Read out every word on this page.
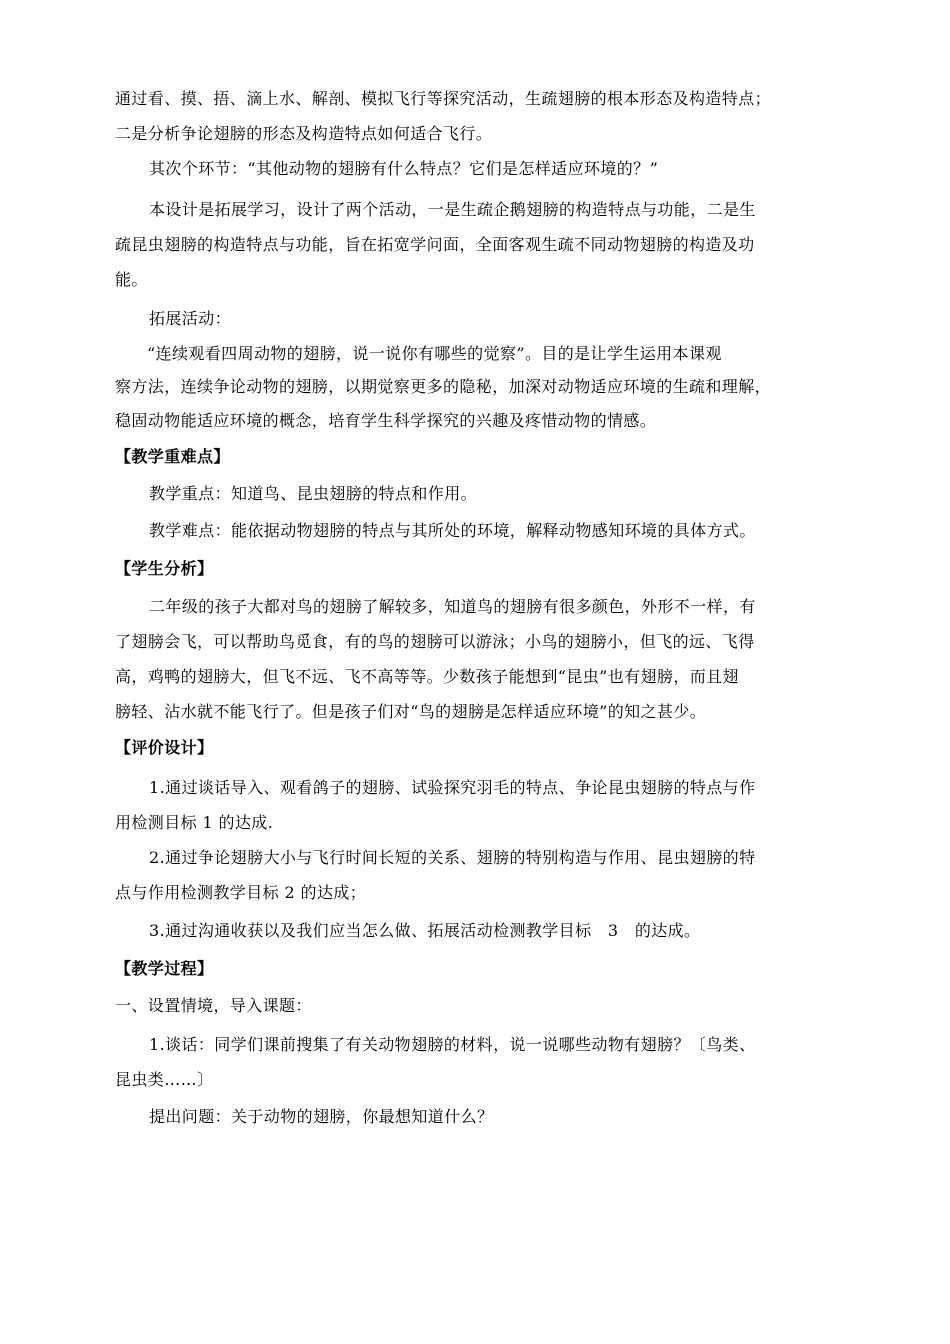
通过看、摸、捂、滴上水、解剖、模拟飞行等探究活动，生疏翅膀的根本形态及构造特点；
二是分析争论翅膀的形态及构造特点如何适合飞行。
其次个环节：“其他动物的翅膀有什么特点？它们是怎样适应环境的？”
本设计是拓展学习，设计了两个活动，一是生疏企鹅翅膀的构造特点与功能，二是生
疏昆虫翅膀的构造特点与功能，旨在拓宽学问面，全面客观生疏不同动物翅膀的构造及功
能。
拓展活动：
“连续观看四周动物的翅膀，说一说你有哪些的觉察”。目的是让学生运用本课观
察方法，连续争论动物的翅膀，以期觉察更多的隐秘，加深对动物适应环境的生疏和理解，
稳固动物能适应环境的概念，培育学生科学探究的兴趣及疼惜动物的情感。
【教学重难点】
教学重点：知道鸟、昆虫翅膀的特点和作用。
教学难点：能依据动物翅膀的特点与其所处的环境，解释动物感知环境的具体方式。
【学生分析】
二年级的孩子大都对鸟的翅膀了解较多，知道鸟的翅膀有很多颜色，外形不一样，有
了翅膀会飞，可以帮助鸟觅食，有的鸟的翅膀可以游泳；小鸟的翅膀小，但飞的远、飞得
高，鸡鸭的翅膀大，但飞不远、飞不高等等。少数孩子能想到“昆虫”也有翅膀，而且翅
膀轻、沾水就不能飞行了。但是孩子们对“鸟的翅膀是怎样适应环境”的知之甚少。
【评价设计】
1.通过谈话导入、观看鸽子的翅膀、试验探究羽毛的特点、争论昆虫翅膀的特点与作
用检测目标 1 的达成.
2.通过争论翅膀大小与飞行时间长短的关系、翅膀的特别构造与作用、昆虫翅膀的特
点与作用检测教学目标 2 的达成；
3.通过沟通收获以及我们应当怎么做、拓展活动检测教学目标　3　的达成。
【教学过程】
一、设置情境，导入课题：
1.谈话：同学们课前搜集了有关动物翅膀的材料，说一说哪些动物有翅膀？〔鸟类、
昆虫类……〕
提出问题：关于动物的翅膀，你最想知道什么？
